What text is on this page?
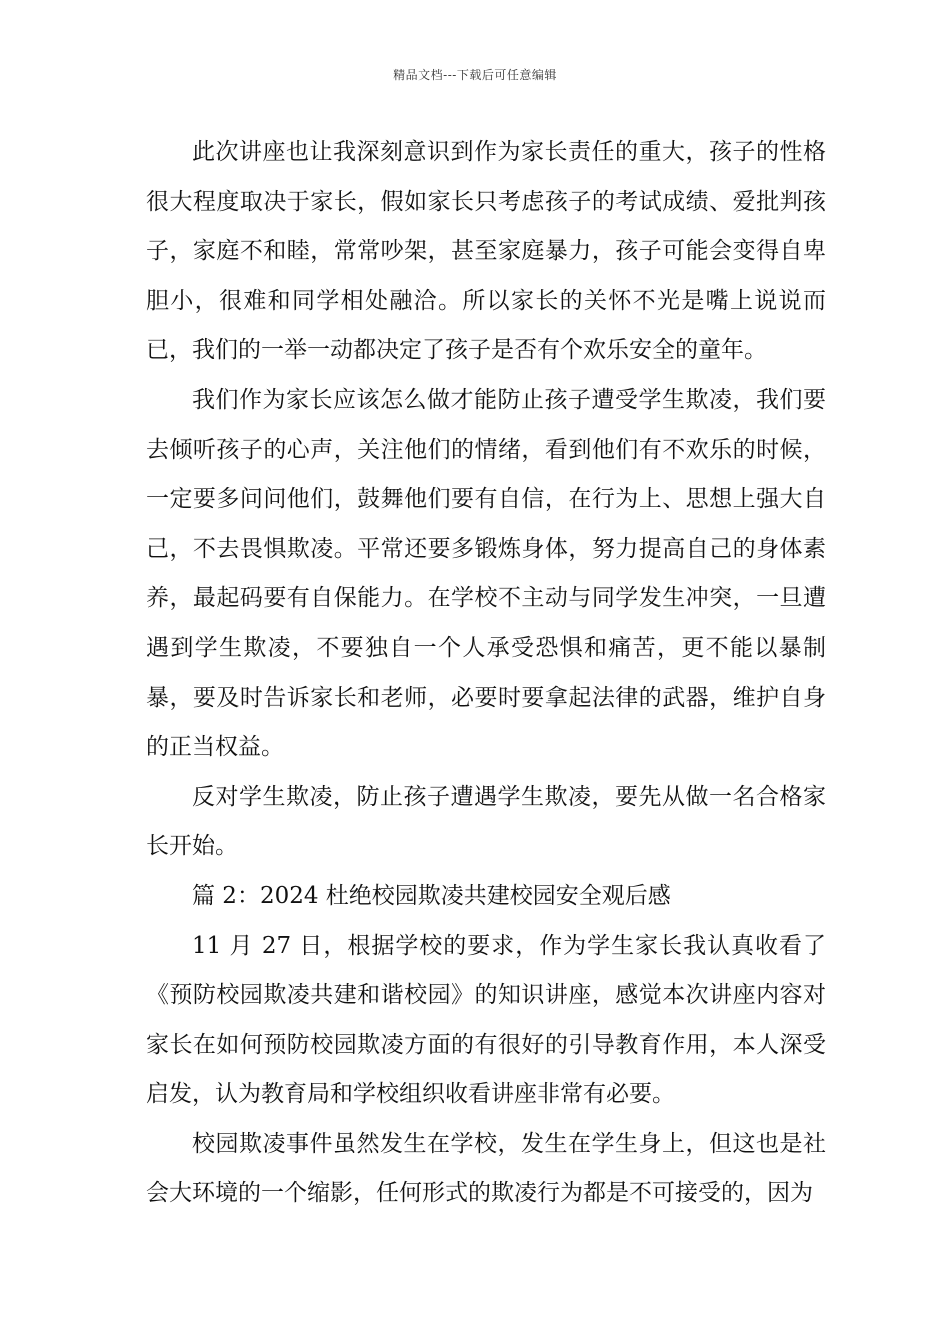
精品文档---下载后可任意编辑

此次讲座也让我深刻意识到作为家长责任的重大，孩子的性格很大程度取决于家长，假如家长只考虑孩子的考试成绩、爱批判孩子，家庭不和睦，常常吵架，甚至家庭暴力，孩子可能会变得自卑胆小，很难和同学相处融洽。所以家长的关怀不光是嘴上说说而已，我们的一举一动都决定了孩子是否有个欢乐安全的童年。

我们作为家长应该怎么做才能防止孩子遭受学生欺凌，我们要去倾听孩子的心声，关注他们的情绪，看到他们有不欢乐的时候，一定要多问问他们，鼓舞他们要有自信，在行为上、思想上强大自己，不去畏惧欺凌。平常还要多锻炼身体，努力提高自己的身体素养，最起码要有自保能力。在学校不主动与同学发生冲突，一旦遭遇到学生欺凌，不要独自一个人承受恐惧和痛苦，更不能以暴制暴，要及时告诉家长和老师，必要时要拿起法律的武器，维护自身的正当权益。

反对学生欺凌，防止孩子遭遇学生欺凌，要先从做一名合格家长开始。

篇 2：2024 杜绝校园欺凌共建校园安全观后感

11 月 27 日，根据学校的要求，作为学生家长我认真收看了《预防校园欺凌共建和谐校园》的知识讲座，感觉本次讲座内容对家长在如何预防校园欺凌方面的有很好的引导教育作用，本人深受启发，认为教育局和学校组织收看讲座非常有必要。

校园欺凌事件虽然发生在学校，发生在学生身上，但这也是社会大环境的一个缩影，任何形式的欺凌行为都是不可接受的，因为
